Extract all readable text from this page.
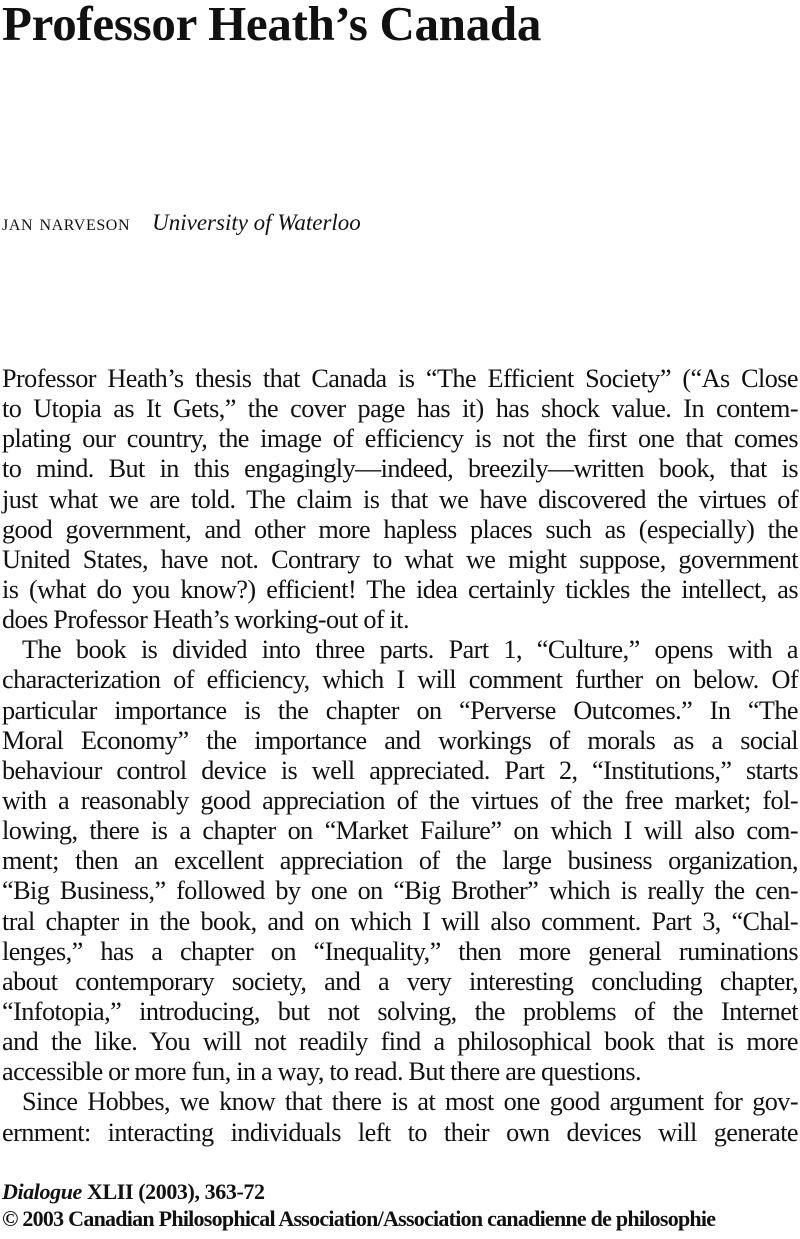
Professor Heath’s Canada
jan narveson University of Waterloo
Professor Heath’s thesis that Canada is “The Efficient Society” (“As Close
to Utopia as It Gets,” the cover page has it) has shock value. In contem-
plating our country, the image of efficiency is not the first one that comes
to mind. But in this engagingly—indeed, breezily—written book, that is
just what we are told. The claim is that we have discovered the virtues of
good government, and other more hapless places such as (especially) the
United States, have not. Contrary to what we might suppose, government
is (what do you know?) efficient! The idea certainly tickles the intellect, as
does Professor Heath’s working-out of it.
The book is divided into three parts. Part 1, “Culture,” opens with a
characterization of efficiency, which I will comment further on below. Of
particular importance is the chapter on “Perverse Outcomes.” In “The
Moral Economy” the importance and workings of morals as a social
behaviour control device is well appreciated. Part 2, “Institutions,” starts
with a reasonably good appreciation of the virtues of the free market; fol-
lowing, there is a chapter on “Market Failure” on which I will also com-
ment; then an excellent appreciation of the large business organization,
“Big Business,” followed by one on “Big Brother” which is really the cen-
tral chapter in the book, and on which I will also comment. Part 3, “Chal-
lenges,” has a chapter on “Inequality,” then more general ruminations
about contemporary society, and a very interesting concluding chapter,
“Infotopia,” introducing, but not solving, the problems of the Internet
and the like. You will not readily find a philosophical book that is more
accessible or more fun, in a way, to read. But there are questions.
Since Hobbes, we know that there is at most one good argument for gov-
ernment: interacting individuals left to their own devices will generate
Dialogue XLII (2003), 363-72
© 2003 Canadian Philosophical Association/Association canadienne de philosophie
